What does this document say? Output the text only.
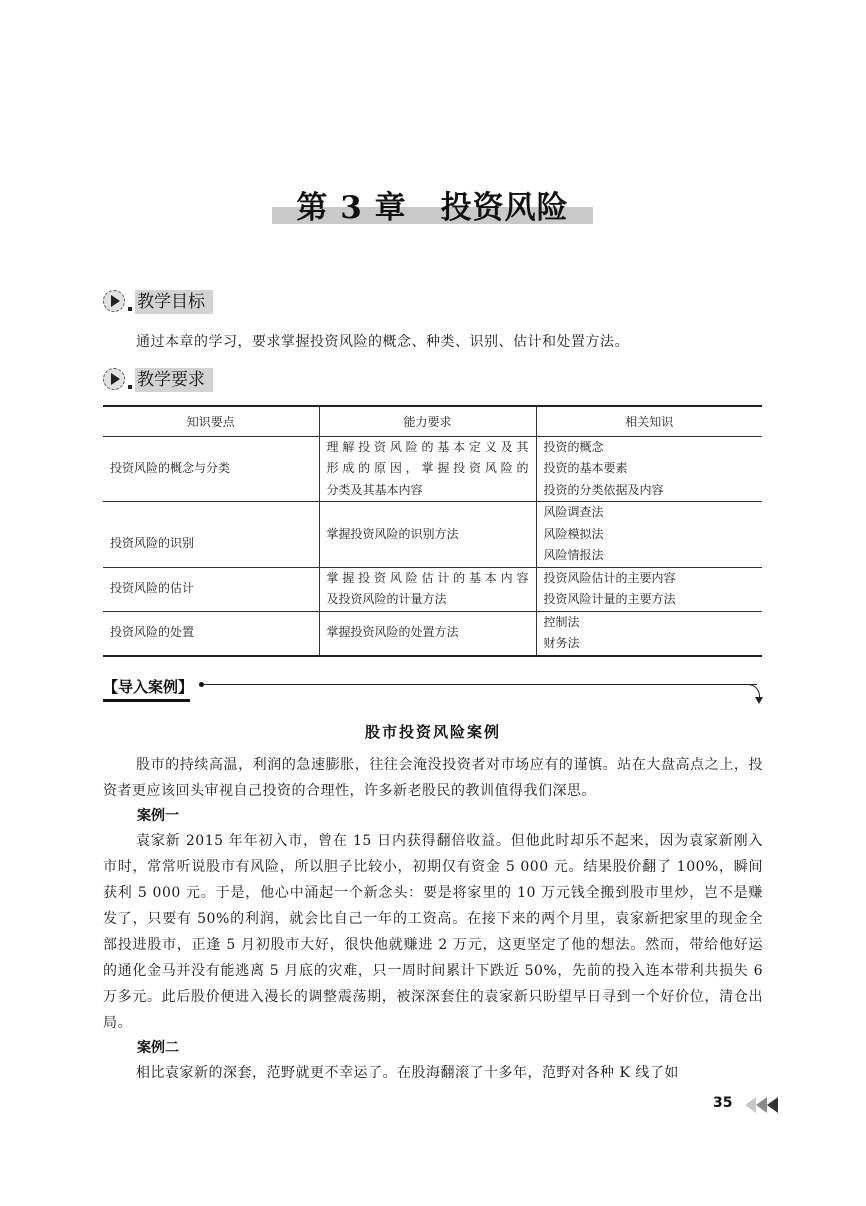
第 3 章 投资风险
教学目标
通过本章的学习，要求掌握投资风险的概念、种类、识别、估计和处置方法。
教学要求
知识要点	能力要求	相关知识
投资风险的概念与分类	理解投资风险的基本定义及其
形成的原因，掌握投资风险的
分类及其基本内容	投资的概念
投资的基本要素
投资的分类依据及内容

投资风险的识别	掌握投资风险的识别方法	风险调查法
风险模拟法
风险情报法

投资风险的估计	掌握投资风险估计的基本内容
及投资风险的计量方法	投资风险估计的主要内容
投资风险计量的主要方法

投资风险的处置	掌握投资风险的处置方法	控制法
财务法
【导入案例】
股市投资风险案例
股市的持续高温，利润的急速膨胀，往往会淹没投资者对市场应有的谨慎。站在大盘高点之上，投资者更应该回头审视自己投资的合理性，许多新老股民的教训值得我们深思。
案例一
袁家新 2015 年年初入市，曾在 15 日内获得翻倍收益。但他此时却乐不起来，因为袁家新刚入市时，常常听说股市有风险，所以胆子比较小，初期仅有资金 5 000 元。结果股价翻了 100%，瞬间获利 5 000 元。于是，他心中涌起一个新念头：要是将家里的 10 万元钱全搬到股市里炒，岂不是赚发了，只要有 50%的利润，就会比自己一年的工资高。在接下来的两个月里，袁家新把家里的现金全部投进股市，正逢 5 月初股市大好，很快他就赚进 2 万元，这更坚定了他的想法。然而，带给他好运的通化金马并没有能逃离 5 月底的灾难，只一周时间累计下跌近 50%，先前的投入连本带利共损失 6 万多元。此后股价便进入漫长的调整震荡期，被深深套住的袁家新只盼望早日寻到一个好价位，清仓出局。
案例二
相比袁家新的深套，范野就更不幸运了。在股海翻滚了十多年，范野对各种 K 线了如
35
